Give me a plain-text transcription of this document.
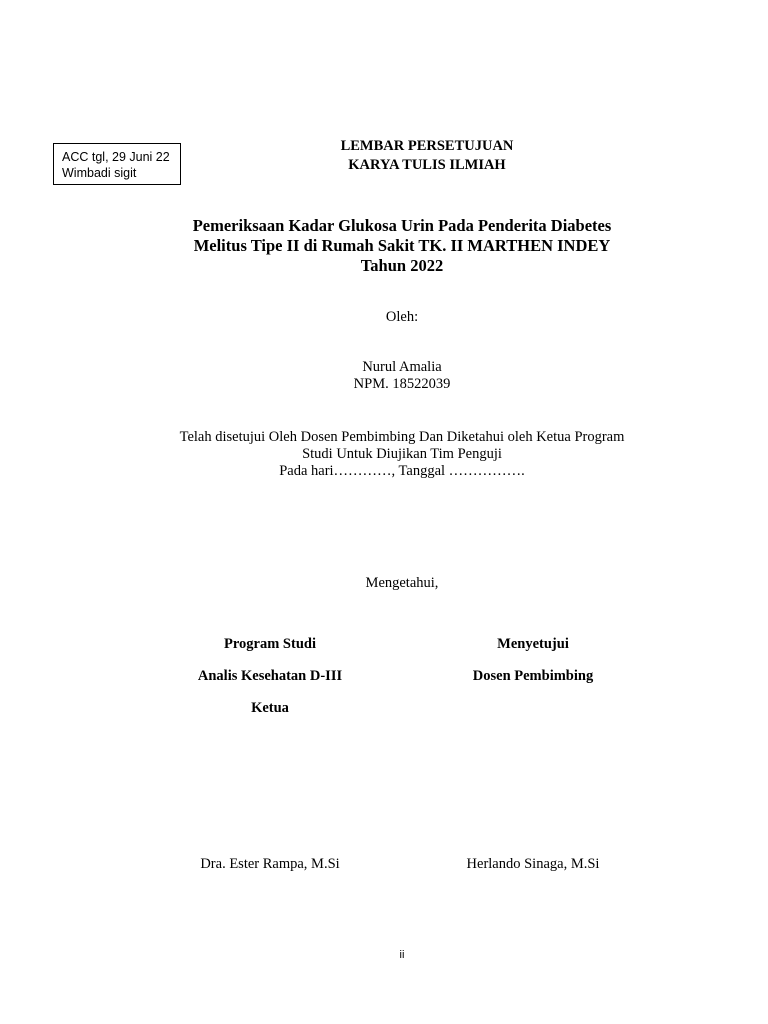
ACC tgl, 29 Juni 22
Wimbadi sigit
LEMBAR PERSETUJUAN
KARYA TULIS ILMIAH
Pemeriksaan Kadar Glukosa Urin Pada Penderita Diabetes
Melitus Tipe II di Rumah Sakit TK. II MARTHEN INDEY
Tahun 2022
Oleh:
Nurul Amalia
NPM. 18522039
Telah disetujui Oleh Dosen Pembimbing Dan Diketahui oleh Ketua Program
Studi Untuk Diujikan Tim Penguji
Pada hari…………, Tanggal …………….
Mengetahui,
Program Studi
Analis Kesehatan D-III
Ketua
Dra. Ester Rampa, M.Si
Menyetujui
Dosen Pembimbing
Herlando Sinaga, M.Si
ii
